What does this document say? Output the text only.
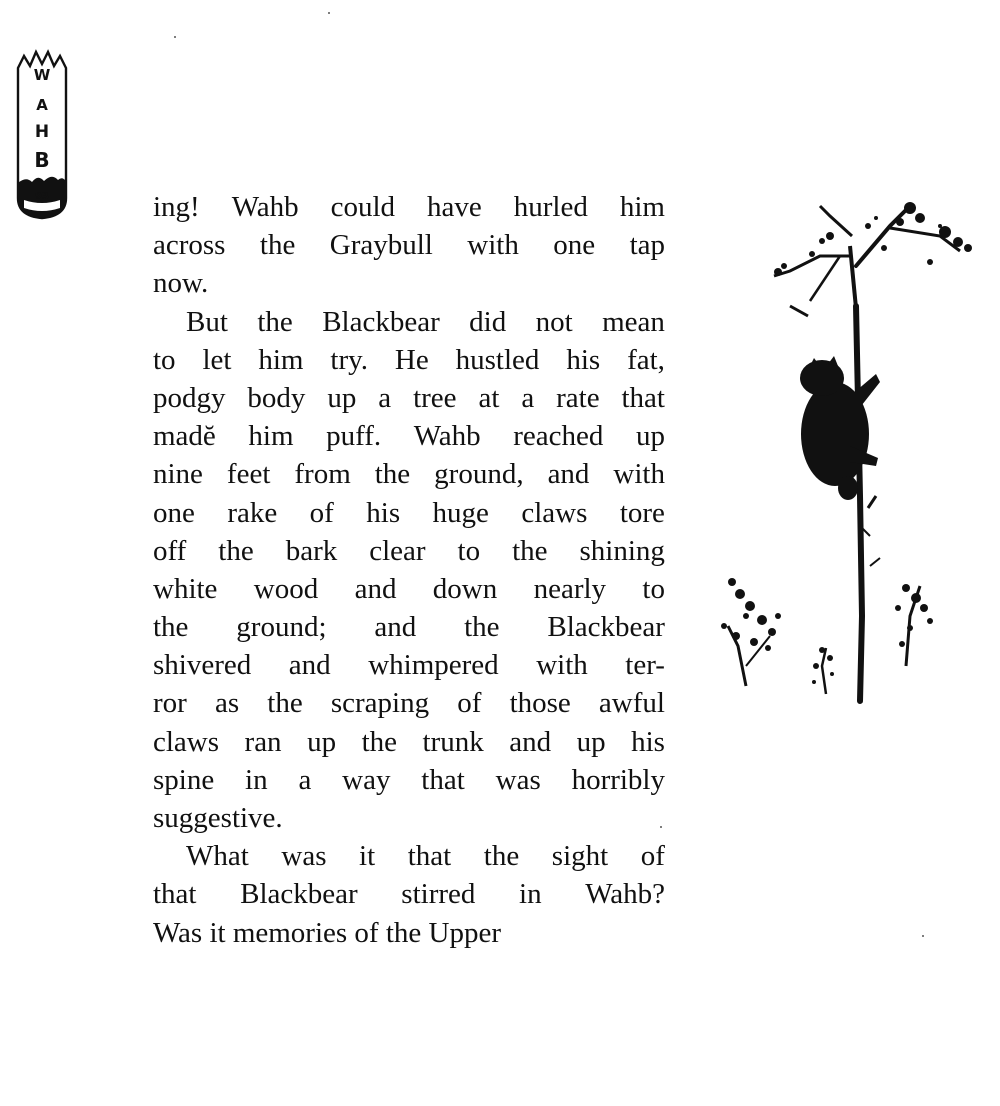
W
A
H
B
93	ing! Wahb could have hurled him
across the Graybull with one tap
now.
But the Blackbear did not mean
to let him try. He hustled his fat,
podgy body up a tree at a rate that
madĕ him puff. Wahb reached up
nine feet from the ground, and with
one rake of his huge claws tore
off the bark clear to the shining
white wood and down nearly to
the ground; and the Blackbear
shivered and whimpered with ter-
ror as the scraping of those awful
claws ran up the trunk and up his
spine in a way that was horribly
suggestive.
What was it that the sight of
that Blackbear stirred in Wahb?
Was it memories of the Upper
